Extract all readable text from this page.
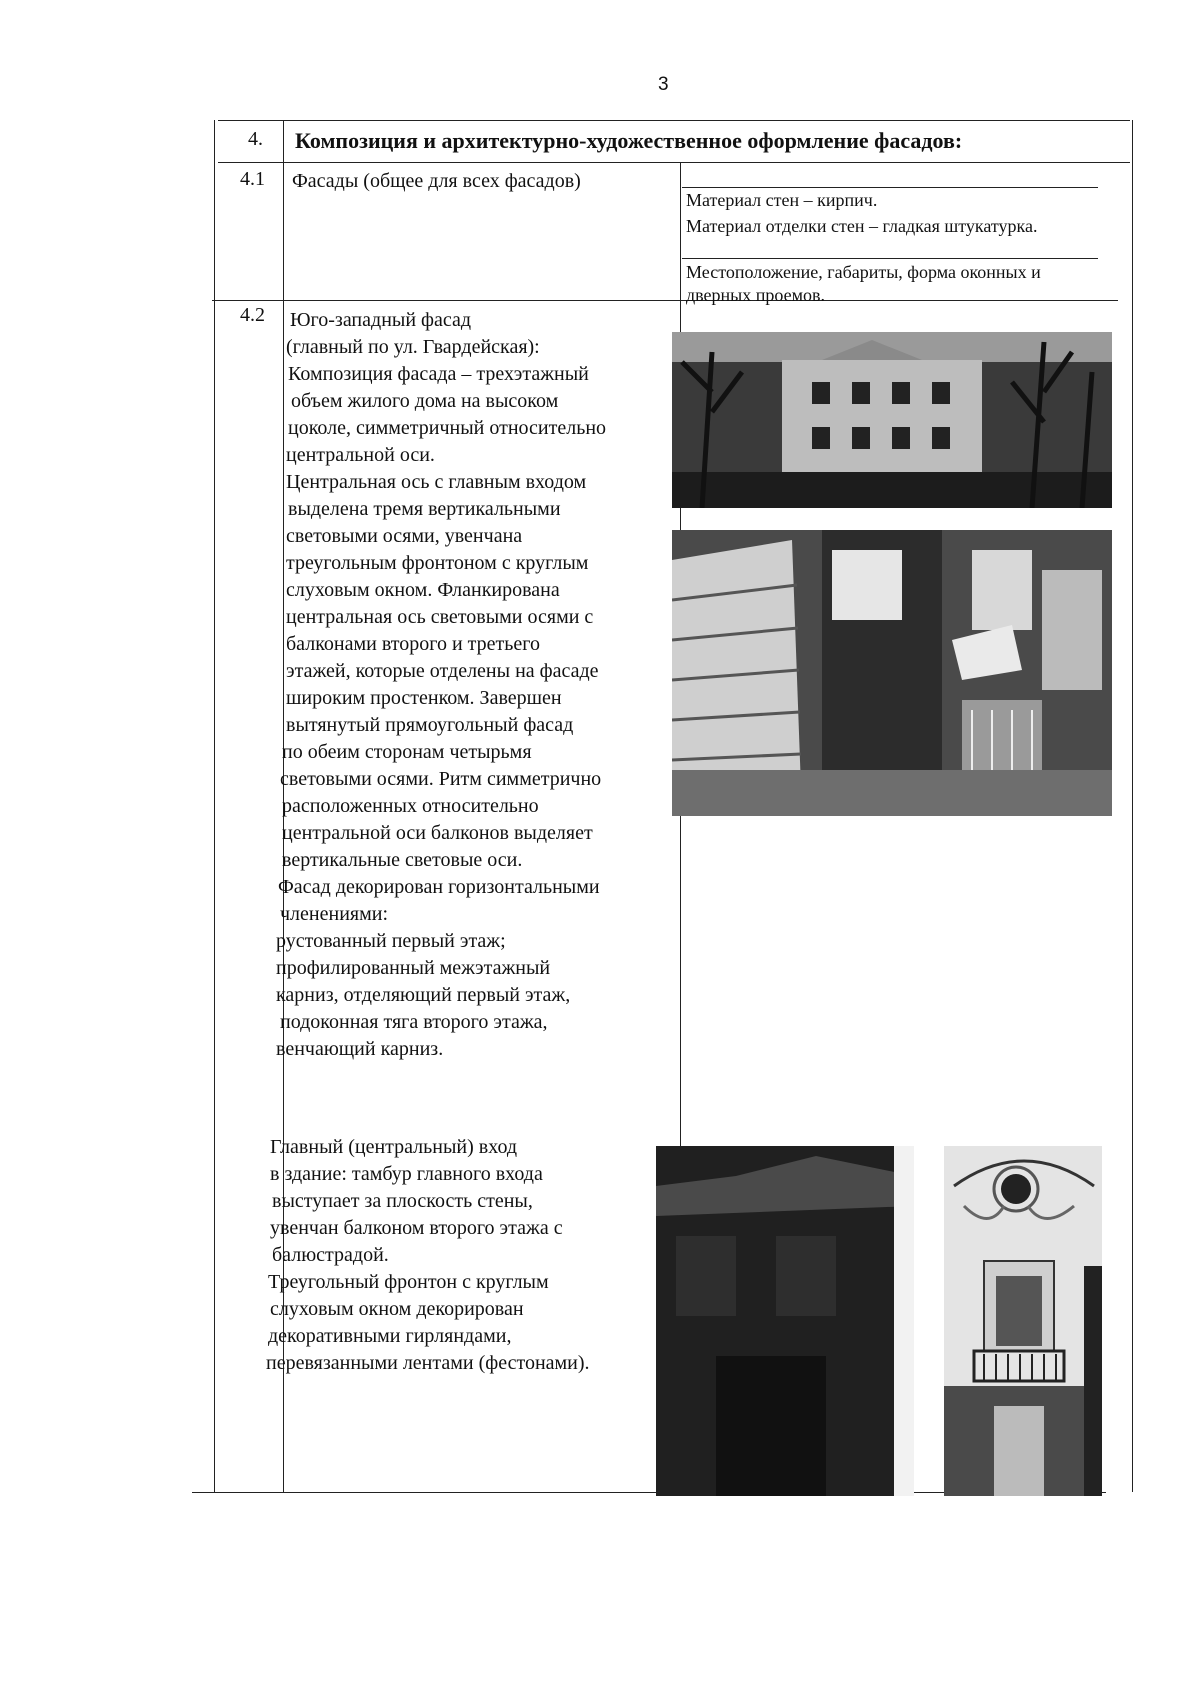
3
4. Композиция и архитектурно-художественное оформление фасадов:
4.1 Фасады (общее для всех фасадов)
Материал стен – кирпич.
Материал отделки стен – гладкая штукатурка.
Местоположение, габариты, форма оконных и
дверных проемов.
4.2 Юго-западный фасад
(главный по ул. Гвардейская):
Композиция фасада – трехэтажный
объем жилого дома на высоком
цоколе, симметричный относительно
центральной оси.
Центральная ось с главным входом
выделена тремя вертикальными
световыми осями, увенчана
треугольным фронтоном с круглым
слуховым окном. Фланкирована
центральная ось световыми осями с
балконами второго и третьего
этажей, которые отделены на фасаде
широким простенком. Завершен
вытянутый прямоугольный фасад
по обеим сторонам четырьмя
световыми осями. Ритм симметрично
расположенных относительно
центральной оси балконов выделяет
вертикальные световые оси.
Фасад декорирован горизонтальными
членениями:
рустованный первый этаж;
профилированный межэтажный
карниз, отделяющий первый этаж,
подоконная тяга второго этажа,
венчающий карниз.
Главный (центральный) вход
в здание: тамбур главного входа
выступает за плоскость стены,
увенчан балконом второго этажа с
балюстрадой.
Треугольный фронтон с круглым
слуховым окном декорирован
декоративными гирляндами,
перевязанными лентами (фестонами).
